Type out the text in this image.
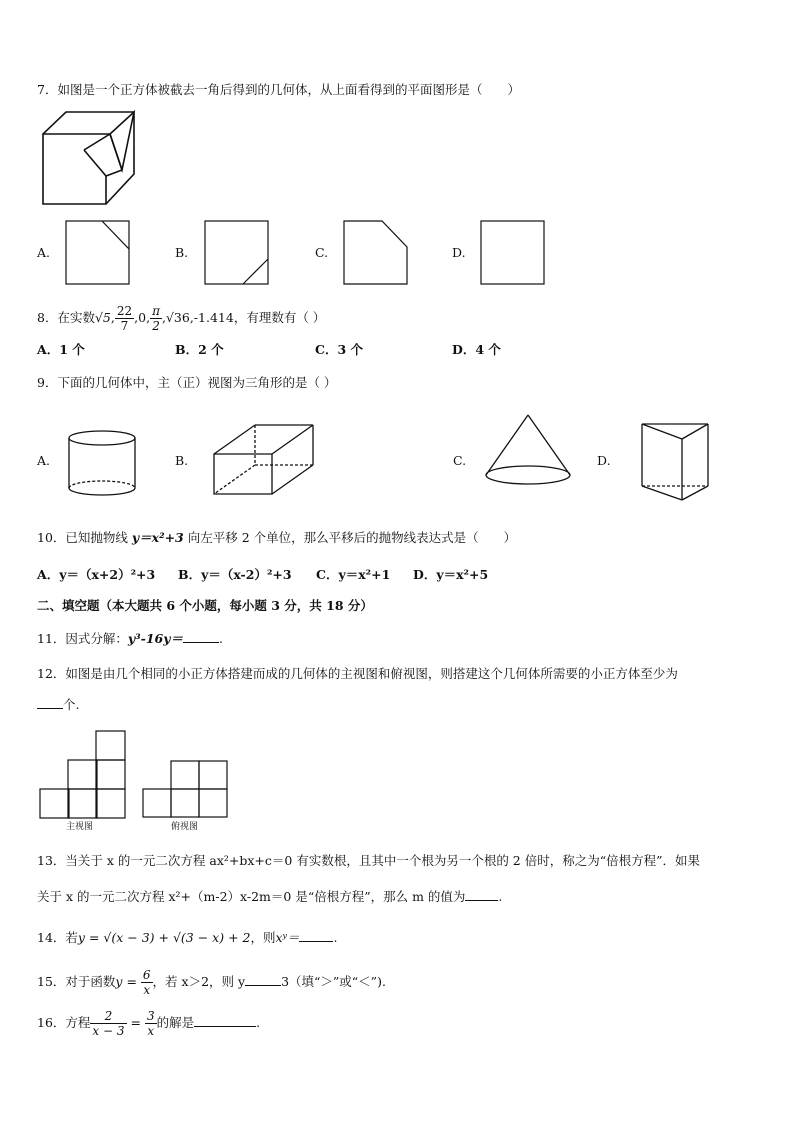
7．如图是一个正方体被截去一角后得到的几何体，从上面看得到的平面图形是（　　）
A.	B.	C.	D.
8．在实数√5, $\frac{22}{7} ,0$, $\frac{\pi}{2} ,√36,-1.414$，有理数有（ ）
A．1 个	B．2 个	C．3 个	D．4 个
9．下面的几何体中，主（正）视图为三角形的是（ ）
A.	B.	C.	D.
10．已知抛物线 y＝x²+3 向左平移 2 个单位，那么平移后的抛物线表达式是（　　）
A．y＝（x+2）²+3 B．y＝（x-2）²+3 C．y＝x²+1 D．y＝x²+5
二、填空题（本大题共 6 个小题，每小题 3 分，共 18 分）
11．因式分解：y³-16y＝	.
12．如图是由几个相同的小正方体搭建而成的几何体的主视图和俯视图，则搭建这个几何体所需要的小正方体至少为
个.
主视图	俯视图
13．当关于 x 的一元二次方程 ax²+bx+c＝0 有实数根，且其中一个根为另一个根的 2 倍时，称之为“倍根方程”．如果
关于 x 的一元二次方程 x²+（m-2）x-2m＝0 是“倍根方程”，那么 m 的值为	.
14．若y = √(x − 3) + √(3 − x) + 2，则xʸ＝	.
15．对于函数$y = \frac{6}{x}$ ，若 x＞2，则 y	3（填“＞”或“＜”).
16．方程 $\frac{2}{x - 3} = \frac{3}{x}$ 的解是	.
